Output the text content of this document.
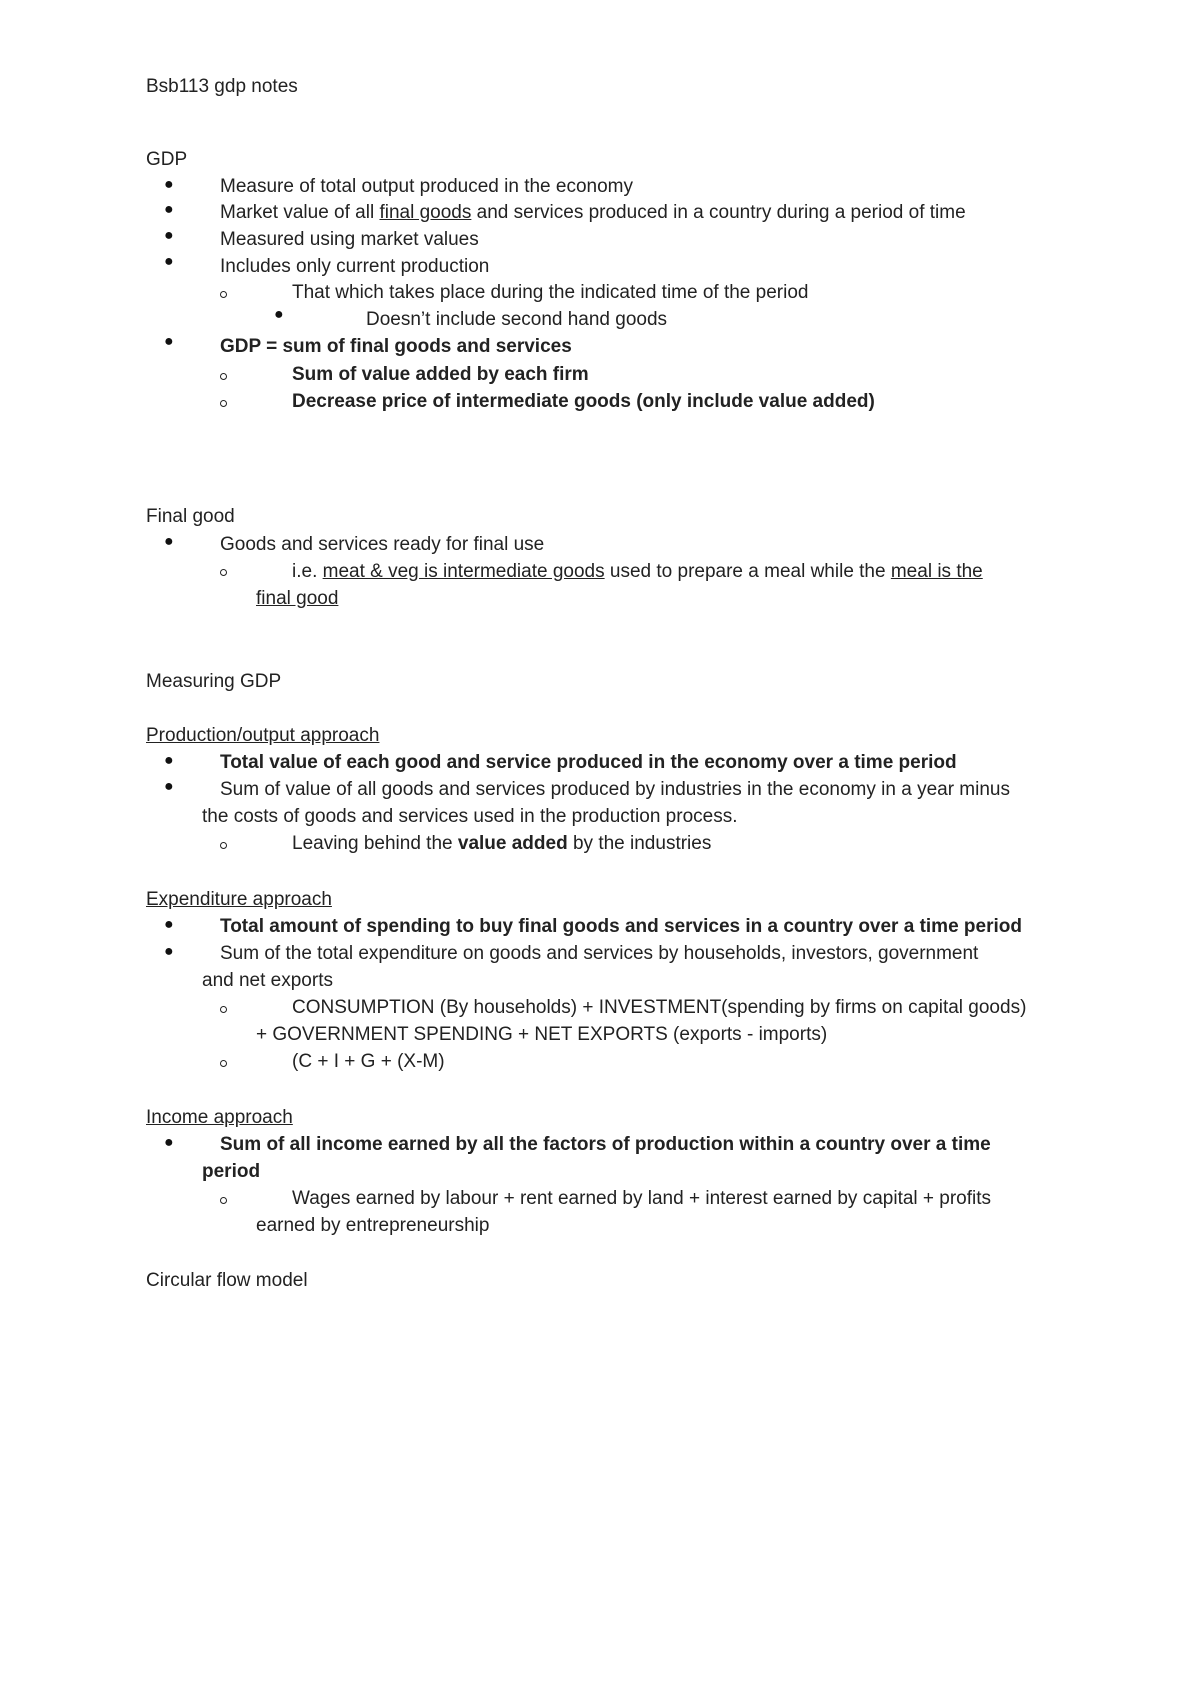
Bsb113 gdp notes
GDP
● Measure of total output produced in the economy
● Market value of all final goods and services produced in a country during a period of time
● Measured using market values
● Includes only current production
That which takes place during the indicated time of the period
●	Doesn’t include second hand goods
● GDP = sum of final goods and services
Sum of value added by each firm
Decrease price of intermediate goods (only include value added)
Final good
● Goods and services ready for final use
i.e. meat & veg is intermediate goods used to prepare a meal while the meal is the
final good
Measuring GDP
Production/output approach
● Total value of each good and service produced in the economy over a time period
● Sum of value of all goods and services produced by industries in the economy in a year minus
the costs of goods and services used in the production process.
Leaving behind the value added by the industries
Expenditure approach
● Total amount of spending to buy final goods and services in a country over a time period
● Sum of the total expenditure on goods and services by households, investors, government
and net exports
CONSUMPTION (By households) + INVESTMENT(spending by firms on capital goods)
+ GOVERNMENT SPENDING + NET EXPORTS (exports - imports)
(C + I + G + (X-M)
Income approach
● Sum of all income earned by all the factors of production within a country over a time
period
Wages earned by labour + rent earned by land + interest earned by capital + profits
earned by entrepreneurship
Circular flow model
